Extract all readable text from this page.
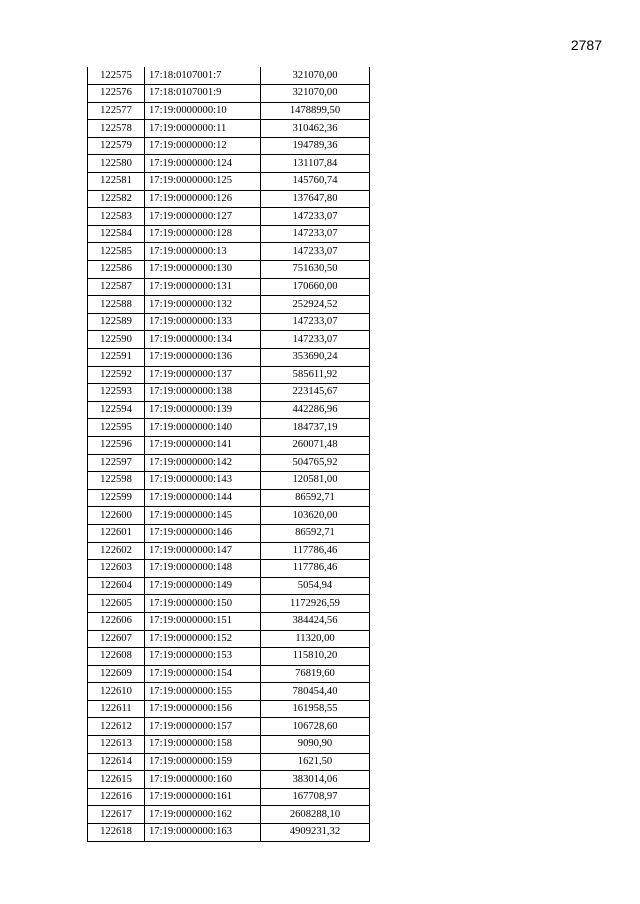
2787
122575	17:18:0107001:7	321070,00
122576	17:18:0107001:9	321070,00
122577	17:19:0000000:10	1478899,50
122578	17:19:0000000:11	310462,36
122579	17:19:0000000:12	194789,36
122580	17:19:0000000:124	131107,84
122581	17:19:0000000:125	145760,74
122582	17:19:0000000:126	137647,80
122583	17:19:0000000:127	147233,07
122584	17:19:0000000:128	147233,07
122585	17:19:0000000:13	147233,07
122586	17:19:0000000:130	751630,50
122587	17:19:0000000:131	170660,00
122588	17:19:0000000:132	252924,52
122589	17:19:0000000:133	147233,07
122590	17:19:0000000:134	147233,07
122591	17:19:0000000:136	353690,24
122592	17:19:0000000:137	585611,92
122593	17:19:0000000:138	223145,67
122594	17:19:0000000:139	442286,96
122595	17:19:0000000:140	184737,19
122596	17:19:0000000:141	260071,48
122597	17:19:0000000:142	504765,92
122598	17:19:0000000:143	120581,00
122599	17:19:0000000:144	86592,71
122600	17:19:0000000:145	103620,00
122601	17:19:0000000:146	86592,71
122602	17:19:0000000:147	117786,46
122603	17:19:0000000:148	117786,46
122604	17:19:0000000:149	5054,94
122605	17:19:0000000:150	1172926,59
122606	17:19:0000000:151	384424,56
122607	17:19:0000000:152	11320,00
122608	17:19:0000000:153	115810,20
122609	17:19:0000000:154	76819,60
122610	17:19:0000000:155	780454,40
122611	17:19:0000000:156	161958,55
122612	17:19:0000000:157	106728,60
122613	17:19:0000000:158	9090,90
122614	17:19:0000000:159	1621,50
122615	17:19:0000000:160	383014,06
122616	17:19:0000000:161	167708,97
122617	17:19:0000000:162	2608288,10
122618	17:19:0000000:163	4909231,32
